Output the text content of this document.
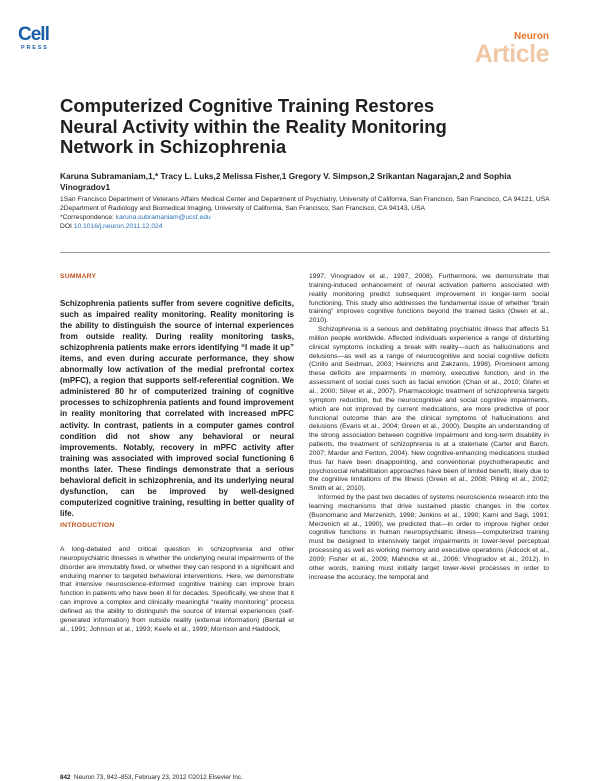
Cell
PRESS
Neuron
Article
Computerized Cognitive Training Restores Neural Activity within the Reality Monitoring Network in Schizophrenia
Karuna Subramaniam,1,* Tracy L. Luks,2 Melissa Fisher,1 Gregory V. Simpson,2 Srikantan Nagarajan,2 and Sophia Vinogradov1
1San Francisco Department of Veterans Affairs Medical Center and Department of Psychiatry, University of California, San Francisco, San Francisco, CA 94121, USA
2Department of Radiology and Biomedical Imaging, University of California, San Francisco, San Francisco, CA 94143, USA
*Correspondence: karuna.subramaniam@ucsf.edu
DOI 10.1016/j.neuron.2011.12.024
SUMMARY
Schizophrenia patients suffer from severe cognitive deficits, such as impaired reality monitoring. Reality monitoring is the ability to distinguish the source of internal experiences from outside reality. During reality monitoring tasks, schizophrenia patients make errors identifying “I made it up” items, and even during accurate performance, they show abnormally low activation of the medial prefrontal cortex (mPFC), a region that supports self-referential cognition. We administered 80 hr of computerized training of cognitive processes to schizophrenia patients and found improvement in reality monitoring that correlated with increased mPFC activity. In contrast, patients in a computer games control condition did not show any behavioral or neural improvements. Notably, recovery in mPFC activity after training was associated with improved social functioning 6 months later. These findings demonstrate that a serious behavioral deficit in schizophrenia, and its underlying neural dysfunction, can be improved by well-designed computerized cognitive training, resulting in better quality of life.
INTRODUCTION

A long-debated and critical question in schizophrenia and other neuropsychiatric illnesses is whether the underlying neural impairments of the disorder are immutably fixed, or whether they can respond in a significant and enduring manner to targeted behavioral interventions. Here, we demonstrate that intensive neuroscience-informed cognitive training can improve brain function in patients who have been ill for decades. Specifically, we show that it can improve a complex and clinically meaningful “reality monitoring” process defined as the ability to distinguish the source of internal experiences (self-generated information) from outside reality (external information) (Bentall et al., 1991; Johnson et al., 1993; Keefe et al., 1999; Morrison and Haddock,

1997; Vinogradov et al., 1997, 2008). Furthermore, we demonstrate that training-induced enhancement of neural activation patterns associated with reality monitoring predict subsequent improvement in longer-term social functioning. This study also addresses the fundamental issue of whether “brain training” improves cognitive functions beyond the trained tasks (Owen et al., 2010).

Schizophrenia is a serious and debilitating psychiatric illness that affects 51 million people worldwide. Affected individuals experience a range of disturbing clinical symptoms including a break with reality—such as hallucinations and delusions—as well as a range of neurocognitive and social cognitive deficits (Cirillo and Seidman, 2003; Heinrichs and Zakzanis, 1998). Prominent among these deficits are impairments in memory, executive function, and in the assessment of social cues such as facial emotion (Chan et al., 2010; Glahn et al., 2000; Silver et al., 2007). Pharmacologic treatment of schizophrenia targets symptom reduction, but the neurocognitive and social cognitive impairments, which are not improved by current medications, are more predictive of poor functional outcome than are the clinical symptoms of hallucinations and delusions (Evans et al., 2004; Green et al., 2000). Despite an understanding of the strong association between cognitive impairment and long-term disability in patients, the treatment of schizophrenia is at a stalemate (Carter and Barch, 2007; Marder and Fenton, 2004). New cognitive-enhancing medications studied thus far have been disappointing, and conventional psychotherapeutic and psychosocial rehabilitation approaches have been of limited benefit, likely due to the cognitive limitations of the illness (Green et al., 2008; Pilling et al., 2002; Smith et al., 2010).

Informed by the past two decades of systems neuroscience research into the learning mechanisms that drive sustained plastic changes in the cortex (Buonomano and Merzenich, 1998; Jenkins et al., 1990; Kami and Sagi, 1991; Merzenich et al., 1990), we predicted that—in order to improve higher order cognitive functions in human neuropsychiatric illness—computerized training must be designed to intensively target impairments in lower-level perceptual processing as well as working memory and executive operations (Adcock et al., 2009; Fisher et al., 2009; Mahncke et al., 2006; Vinogradov et al., 2012). In other words, training must initially target lower-level processes in order to increase the accuracy, the temporal and

842 Neuron 73, 842–853, February 23, 2012 ©2012 Elsevier Inc.
